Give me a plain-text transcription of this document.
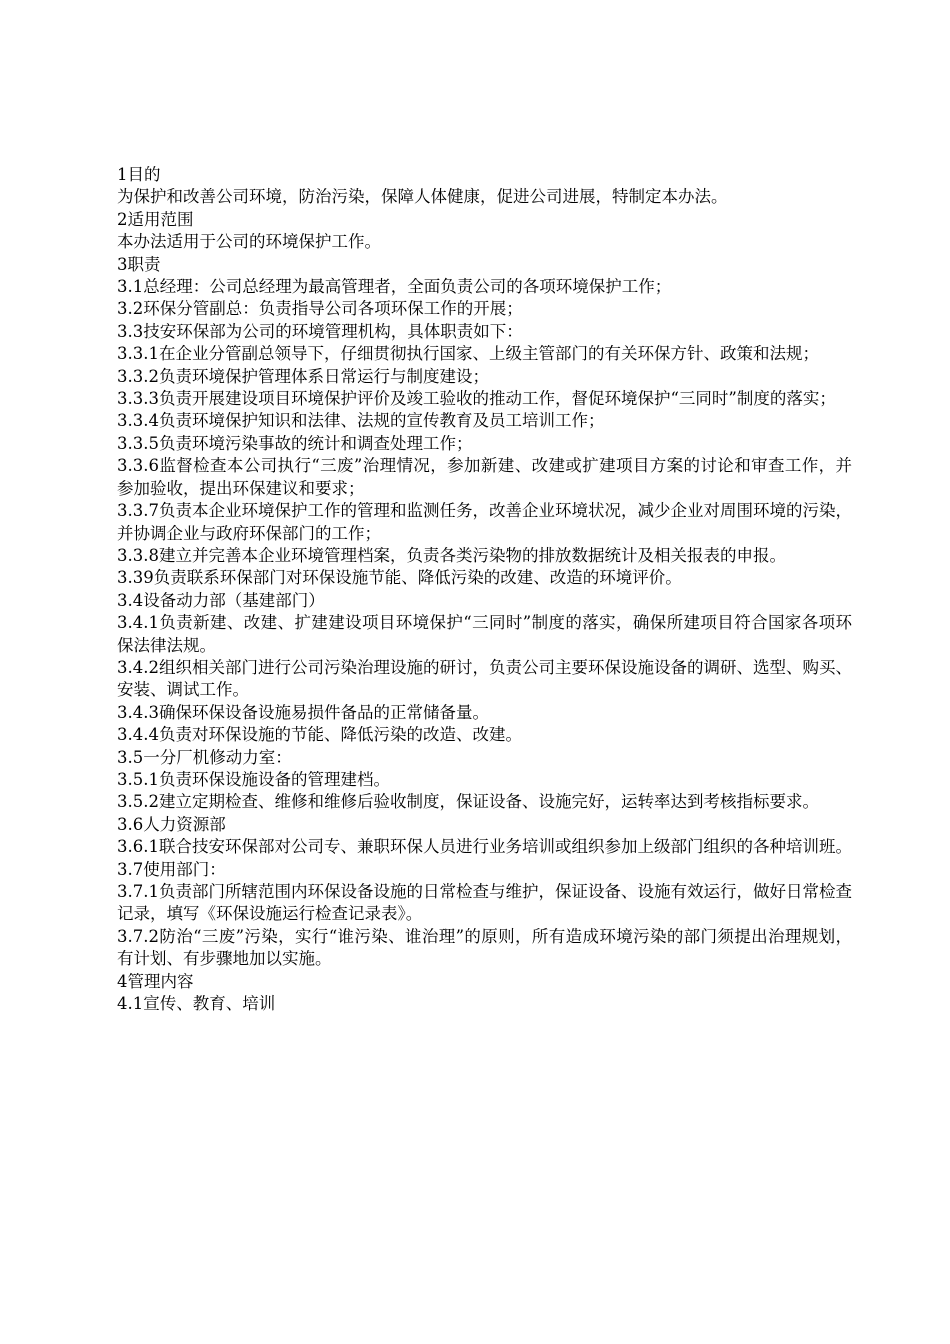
1目的
为保护和改善公司环境，防治污染，保障人体健康，促进公司进展，特制定本办法。
2适用范围
本办法适用于公司的环境保护工作。
3职责
3.1总经理：公司总经理为最高管理者，全面负责公司的各项环境保护工作；
3.2环保分管副总：负责指导公司各项环保工作的开展；
3.3技安环保部为公司的环境管理机构，具体职责如下：
3.3.1在企业分管副总领导下，仔细贯彻执行国家、上级主管部门的有关环保方针、政策和法规；
3.3.2负责环境保护管理体系日常运行与制度建设；
3.3.3负责开展建设项目环境保护评价及竣工验收的推动工作，督促环境保护“三同时”制度的落实；
3.3.4负责环境保护知识和法律、法规的宣传教育及员工培训工作；
3.3.5负责环境污染事故的统计和调查处理工作；
3.3.6监督检查本公司执行“三废”治理情况，参加新建、改建或扩建项目方案的讨论和审查工作，并参加验收，提出环保建议和要求；
3.3.7负责本企业环境保护工作的管理和监测任务，改善企业环境状况，减少企业对周围环境的污染，并协调企业与政府环保部门的工作；
3.3.8建立并完善本企业环境管理档案，负责各类污染物的排放数据统计及相关报表的申报。
3.39负责联系环保部门对环保设施节能、降低污染的改建、改造的环境评价。
3.4设备动力部（基建部门）
3.4.1负责新建、改建、扩建建设项目环境保护“三同时”制度的落实，确保所建项目符合国家各项环保法律法规。
3.4.2组织相关部门进行公司污染治理设施的研讨，负责公司主要环保设施设备的调研、选型、购买、安装、调试工作。
3.4.3确保环保设备设施易损件备品的正常储备量。
3.4.4负责对环保设施的节能、降低污染的改造、改建。
3.5一分厂机修动力室：
3.5.1负责环保设施设备的管理建档。
3.5.2建立定期检查、维修和维修后验收制度，保证设备、设施完好，运转率达到考核指标要求。
3.6人力资源部
3.6.1联合技安环保部对公司专、兼职环保人员进行业务培训或组织参加上级部门组织的各种培训班。
3.7使用部门：
3.7.1负责部门所辖范围内环保设备设施的日常检查与维护，保证设备、设施有效运行，做好日常检查记录，填写《环保设施运行检查记录表》。
3.7.2防治“三废”污染，实行“谁污染、谁治理”的原则，所有造成环境污染的部门须提出治理规划，有计划、有步骤地加以实施。
4管理内容
4.1宣传、教育、培训
